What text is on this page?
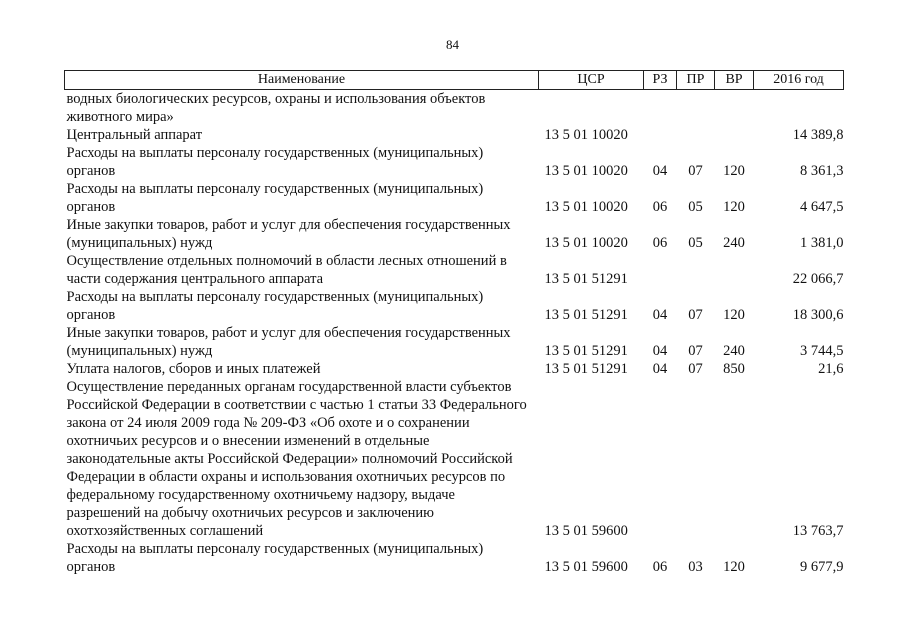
84
Наименование	ЦСР	РЗ	ПР	ВР	2016 год
водных биологических ресурсов, охраны и использования объектов животного мира»					
Центральный аппарат	13 5 01 10020				14 389,8
Расходы на выплаты персоналу государственных (муниципальных) органов	13 5 01 10020	04	07	120	8 361,3
Расходы на выплаты персоналу государственных (муниципальных) органов	13 5 01 10020	06	05	120	4 647,5
Иные закупки товаров, работ и услуг для обеспечения государственных (муниципальных) нужд	13 5 01 10020	06	05	240	1 381,0
Осуществление отдельных полномочий в области лесных отношений в части содержания центрального аппарата	13 5 01 51291				22 066,7
Расходы на выплаты персоналу государственных (муниципальных) органов	13 5 01 51291	04	07	120	18 300,6
Иные закупки товаров, работ и услуг для обеспечения государственных (муниципальных) нужд	13 5 01 51291	04	07	240	3 744,5
Уплата налогов, сборов и иных платежей	13 5 01 51291	04	07	850	21,6
Осуществление переданных органам государственной власти субъектов Российской Федерации в соответствии с частью 1 статьи 33 Федерального закона от 24 июля 2009 года № 209-ФЗ «Об охоте и о сохранении охотничьих ресурсов и о внесении изменений в отдельные законодательные акты Российской Федерации» полномочий Российской Федерации в области охраны и использования охотничьих ресурсов по федеральному государственному охотничьему надзору, выдаче разрешений на добычу охотничьих ресурсов и заключению охотхозяйственных соглашений	13 5 01 59600				13 763,7
Расходы на выплаты персоналу государственных (муниципальных) органов	13 5 01 59600	06	03	120	9 677,9
